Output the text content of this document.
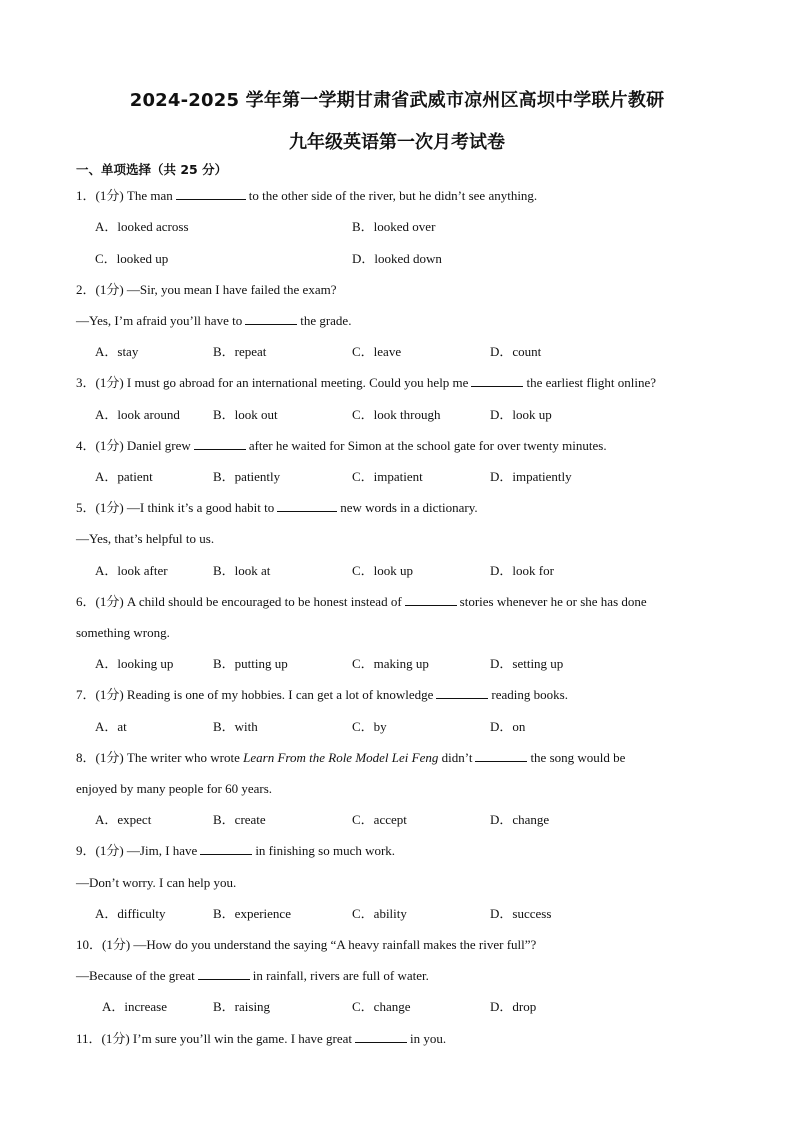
2024-2025 学年第一学期甘肃省武威市凉州区高坝中学联片教研
九年级英语第一次月考试卷
一、单项选择（共 25 分）
1．(1分) The man	to the other side of the river, but he didn’t see anything.
A．looked across	B．looked over
C．looked up	D．looked down
2．(1分) —Sir, you mean I have failed the exam?
—Yes, I’m afraid you’ll have to	the grade.
A．stay	B．repeat	C．leave	D．count
3．(1分) I must go abroad for an international meeting. Could you help me	the earliest flight online?
A．look around	B．look out	C．look through	D．look up
4．(1分) Daniel grew	after he waited for Simon at the school gate for over twenty minutes.
A．patient	B．patiently	C．impatient	D．impatiently
5．(1分) —I think it’s a good habit to	new words in a dictionary.
—Yes, that’s helpful to us.
A．look after	B．look at	C．look up	D．look for
6．(1分) A child should be encouraged to be honest instead of	stories whenever he or she has done
something wrong.
A．looking up	B．putting up	C．making up	D．setting up
7．(1分) Reading is one of my hobbies. I can get a lot of knowledge	reading books.
A．at	B．with	C．by	D．on
8．(1分) The writer who wrote Learn From the Role Model Lei Feng didn’t	the song would be
enjoyed by many people for 60 years.
A．expect	B．create	C．accept	D．change
9．(1分) —Jim, I have	in finishing so much work.
—Don’t worry. I can help you.
A．difficulty	B．experience	C．ability	D．success
10．(1分) —How do you understand the saying “A heavy rainfall makes the river full”?
—Because of the great	in rainfall, rivers are full of water.
A．increase	B．raising	C．change	D．drop
11．(1分) I’m sure you’ll win the game. I have great	in you.
